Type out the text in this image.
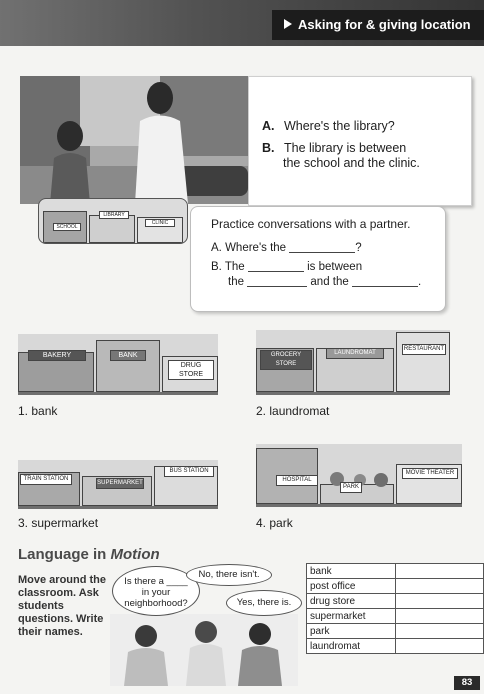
Asking for & giving location
A. Where's the library?
B. The library is between
the school and the clinic.
Practice conversations with a partner.
A. Where's the	?
B. The	is between
the	and the	.
SCHOOL
LIBRARY
CLINIC
BAKERY	BANK
DRUG STORE
1. bank
GROCERY STORE
LAUNDROMAT
RESTAURANT
2. laundromat
TRAIN STATION
SUPERMARKET
BUS STATION
3. supermarket
HOSPITAL
PARK
MOVIE THEATER
4. park
Language in Motion
Move around the classroom. Ask students questions. Write their names.
Is there a ____ in your neighborhood?
No, there isn't.
Yes, there is.
bank	
post office	
drug store	
supermarket	
park	
laundromat	
83
